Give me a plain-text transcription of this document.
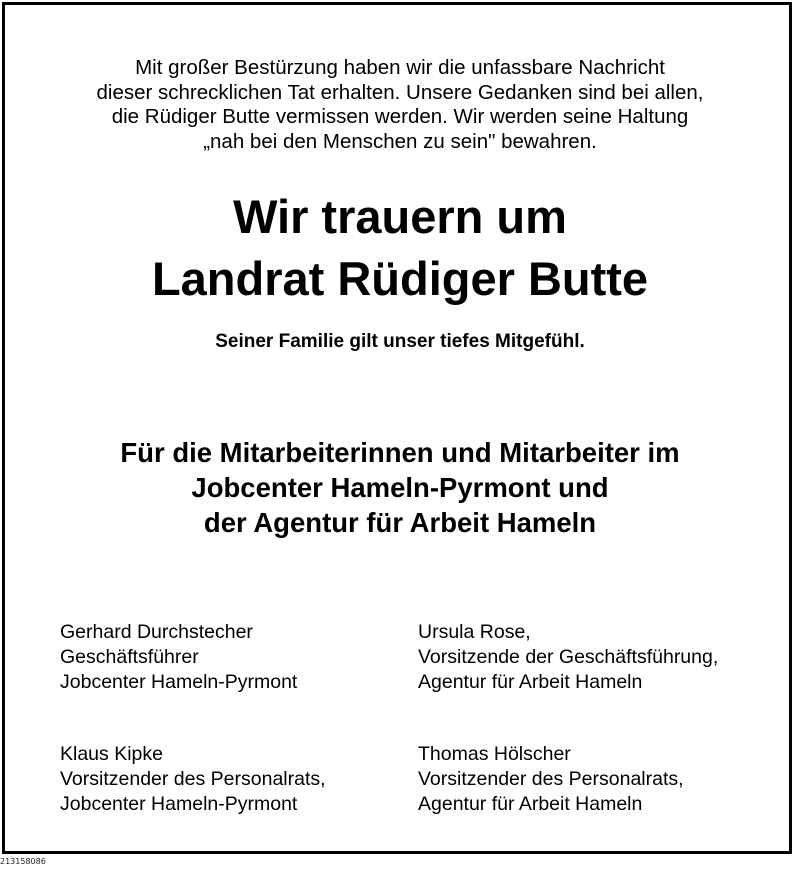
Mit großer Bestürzung haben wir die unfassbare Nachricht
dieser schrecklichen Tat erhalten. Unsere Gedanken sind bei allen,
die Rüdiger Butte vermissen werden. Wir werden seine Haltung
„nah bei den Menschen zu sein" bewahren.
Wir trauern um
Landrat Rüdiger Butte
Seiner Familie gilt unser tiefes Mitgefühl.
Für die Mitarbeiterinnen und Mitarbeiter im
Jobcenter Hameln-Pyrmont und
der Agentur für Arbeit Hameln
Gerhard Durchstecher
Geschäftsführer
Jobcenter Hameln-Pyrmont
Ursula Rose,
Vorsitzende der Geschäftsführung,
Agentur für Arbeit Hameln
Klaus Kipke
Vorsitzender des Personalrats,
Jobcenter Hameln-Pyrmont
Thomas Hölscher
Vorsitzender des Personalrats,
Agentur für Arbeit Hameln
213158086
